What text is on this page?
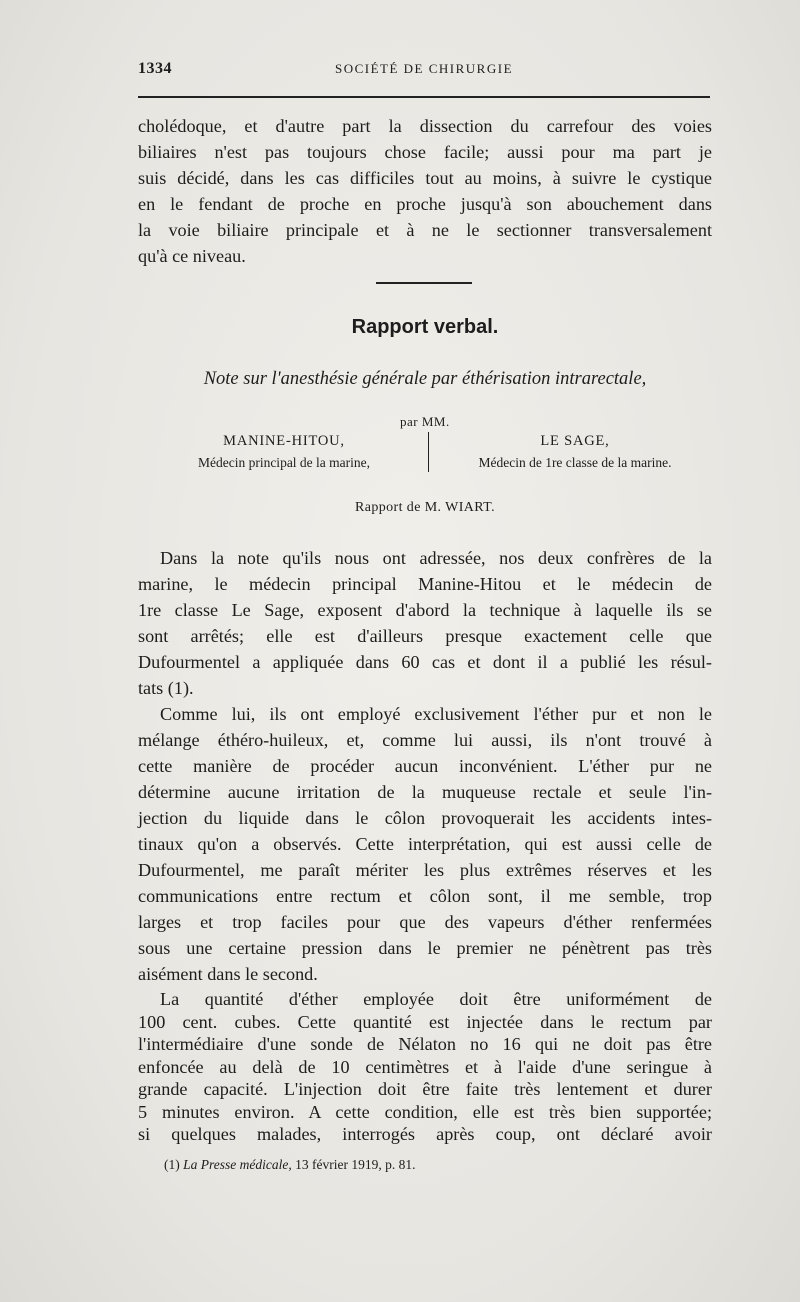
1334	SOCIÉTÉ DE CHIRURGIE

cholédoque, et d'autre part la dissection du carrefour des voies

biliaires n'est pas toujours chose facile; aussi pour ma part je

suis décidé, dans les cas difficiles tout au moins, à suivre le cystique

en le fendant de proche en proche jusqu'à son abouchement dans

la voie biliaire principale et à ne le sectionner transversalement

qu'à ce niveau.

Rapport verbal.
Note sur l'anesthésie générale par éthérisation intrarectale,
par MM.
MANINE-HITOU,
Médecin principal de la marine,
LE SAGE,
Médecin de 1re classe de la marine.
Rapport de M. WIART.

Dans la note qu'ils nous ont adressée, nos deux confrères de la

marine, le médecin principal Manine-Hitou et le médecin de

1re classe Le Sage, exposent d'abord la technique à laquelle ils se

sont arrêtés; elle est d'ailleurs presque exactement celle que

Dufourmentel a appliquée dans 60 cas et dont il a publié les résul-

tats (1).

Comme lui, ils ont employé exclusivement l'éther pur et non le

mélange éthéro-huileux, et, comme lui aussi, ils n'ont trouvé à

cette manière de procéder aucun inconvénient. L'éther pur ne

détermine aucune irritation de la muqueuse rectale et seule l'in-

jection du liquide dans le côlon provoquerait les accidents intes-

tinaux qu'on a observés. Cette interprétation, qui est aussi celle de

Dufourmentel, me paraît mériter les plus extrêmes réserves et les

communications entre rectum et côlon sont, il me semble, trop

larges et trop faciles pour que des vapeurs d'éther renfermées

sous une certaine pression dans le premier ne pénètrent pas très

aisément dans le second.

La quantité d'éther employée doit être uniformément de

100 cent. cubes. Cette quantité est injectée dans le rectum par

l'intermédiaire d'une sonde de Nélaton no 16 qui ne doit pas être

enfoncée au delà de 10 centimètres et à l'aide d'une seringue à

grande capacité. L'injection doit être faite très lentement et durer

5 minutes environ. A cette condition, elle est très bien supportée;

si quelques malades, interrogés après coup, ont déclaré avoir

(1) La Presse médicale, 13 février 1919, p. 81.
